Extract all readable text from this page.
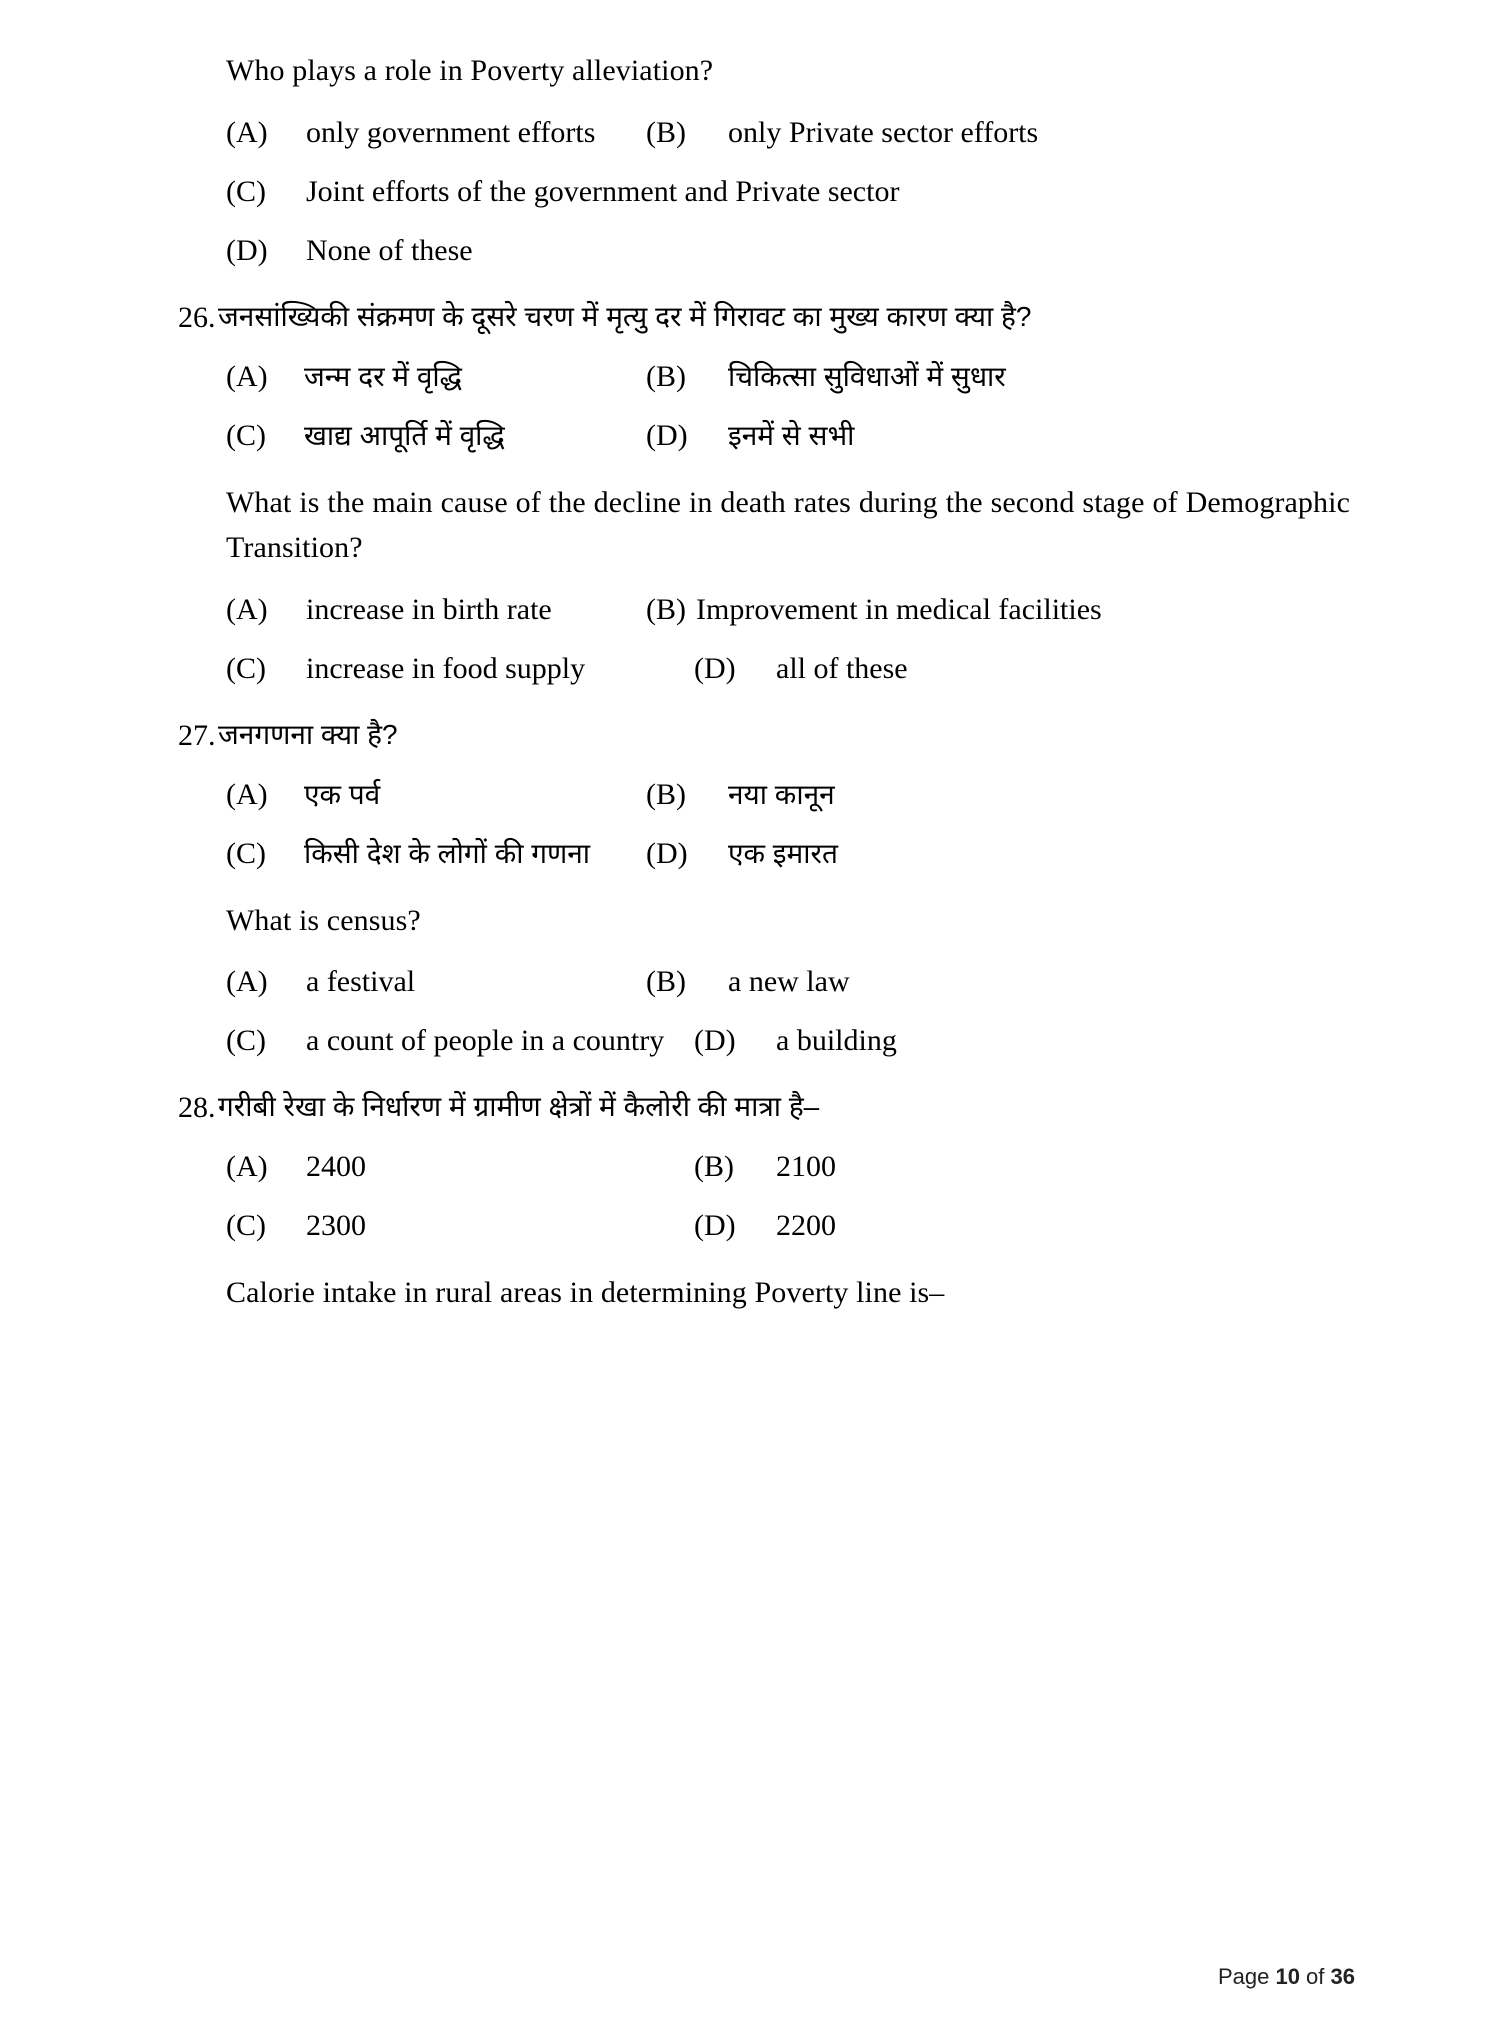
Who plays a role in Poverty alleviation?
(A)	only government efforts	(B)	only Private sector efforts
(C)	Joint efforts of the government and Private sector
(D)	None of these
26. जनसांख्यिकी संक्रमण के दूसरे चरण में मृत्यु दर में गिरावट का मुख्य कारण क्या है?
(A)	जन्म दर में वृद्धि	(B)	चिकित्सा सुविधाओं में सुधार
(C)	खाद्य आपूर्ति में वृद्धि	(D)	इनमें से सभी
What is the main cause of the decline in death rates during the second stage of Demographic Transition?
(A)	increase in birth rate	(B) Improvement in medical facilities
(C)	increase in food supply	(D)	all of these
27. जनगणना क्या है?
(A)	एक पर्व	(B)	नया कानून
(C)	किसी देश के लोगों की गणना	(D)	एक इमारत
What is census?
(A)	a festival	(B)	a new law
(C)	a count of people in a country (D)	a building
28. गरीबी रेखा के निर्धारण में ग्रामीण क्षेत्रों में कैलोरी की मात्रा है–
(A)	2400	(B)	2100
(C)	2300	(D)	2200
Calorie intake in rural areas in determining Poverty line is–
Page 10 of 36
